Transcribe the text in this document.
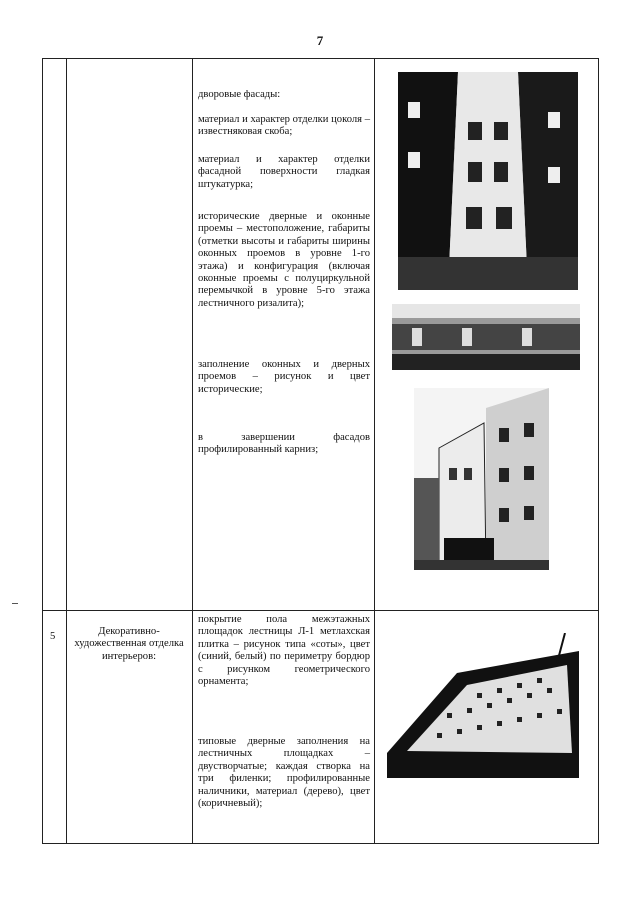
7
дворовые фасады:
материал и характер отделки цоколя – известняковая скоба;
материал и характер отделки фасадной поверхности гладкая штукатурка;
исторические дверные и оконные проемы – местоположение, габариты (отметки высоты и габариты ширины оконных проемов в уровне 1-го этажа) и конфигурация (включая оконные проемы с полуциркульной перемычкой в уровне 5-го этажа лестничного ризалита);
заполнение оконных и дверных проемов – рисунок и цвет исторические;
в завершении фасадов профилированный карниз;
5	Декоративно-художественная отделка интерьеров:
покрытие пола межэтажных площадок лестницы Л-1 метлахская плитка – рисунок типа «соты», цвет (синий, белый) по периметру бордюр с рисунком геометрического орнамента;
типовые дверные заполнения на лестничных площадках – двустворчатые; каждая створка на три филенки; профилированные наличники, материал (дерево), цвет (коричневый);
